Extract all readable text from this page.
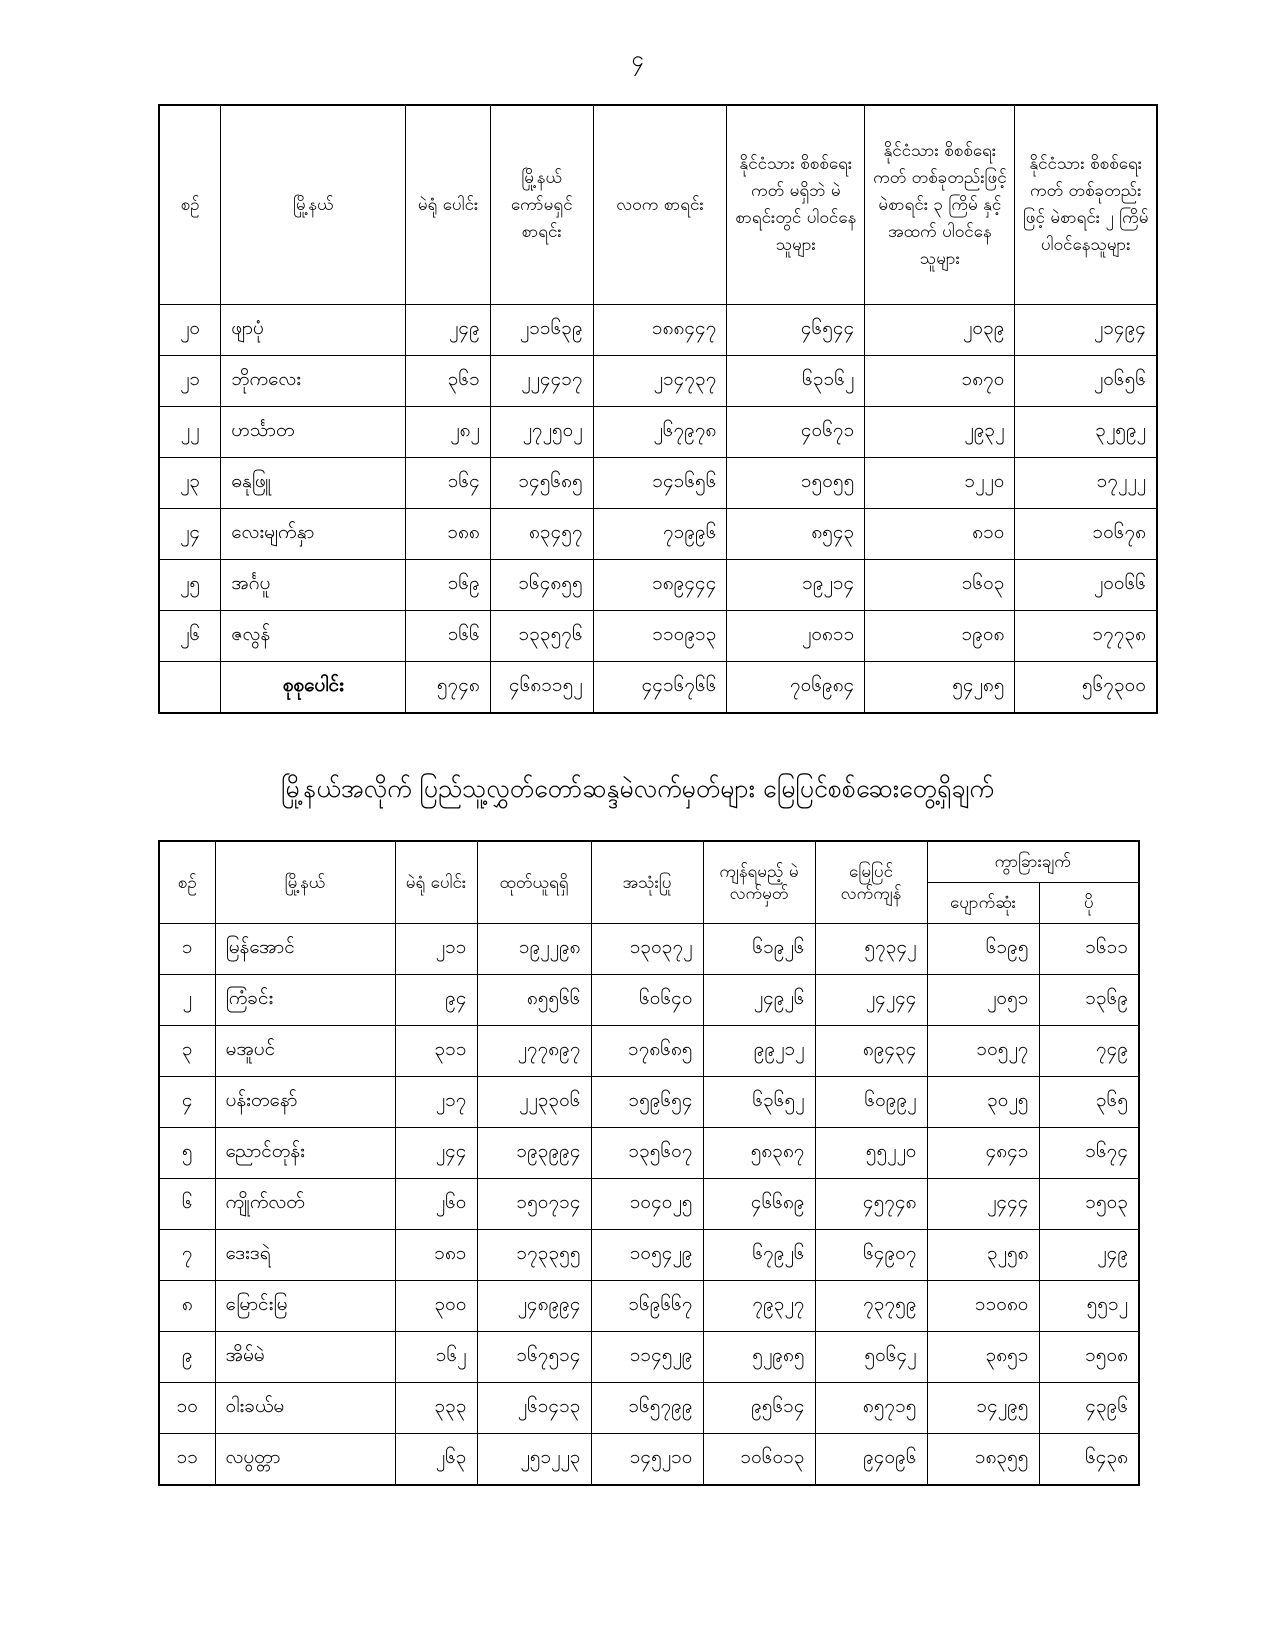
၄
စဉ်	မြို့နယ်	မဲရုံ ပေါင်း	မြို့နယ် ကော်မရှင် စာရင်း	လဝက စာရင်း	နိုင်ငံသား စိစစ်ရေးကတ် မရှိဘဲ မဲစာရင်းတွင် ပါဝင်နေသူများ	နိုင်ငံသား စိစစ်ရေးကတ် တစ်ခုတည်းဖြင့် မဲစာရင်း ၃ ကြိမ် နှင့်အထက် ပါဝင်နေသူများ	နိုင်ငံသား စိစစ်ရေးကတ် တစ်ခုတည်းဖြင့် မဲစာရင်း ၂ ကြိမ် ပါဝင်နေသူများ
၂၀	ဖျာပုံ	၂၄၉	၂၁၁၆၃၉	၁၈၈၄၄၇	၄၆၅၄၄	၂၀၃၉	၂၁၄၉၄
၂၁	ဘိုကလေး	၃၆၁	၂၂၄၄၁၇	၂၁၄၇၃၇	၆၃၁၆၂	၁၈၇၀	၂၀၆၅၆
၂၂	ဟင်္သာတ	၂၈၂	၂၇၂၅၀၂	၂၆၇၉၇၈	၄၀၆၇၁	၂၉၃၂	၃၂၅၉၂
၂၃	ဓနုဖြူ	၁၆၄	၁၄၅၆၈၅	၁၄၁၆၅၆	၁၅၀၅၅	၁၂၂၀	၁၇၂၂၂
၂၄	လေးမျက်နှာ	၁၈၈	၈၃၄၅၇	၇၁၉၉၆	၈၅၄၃	၈၁၀	၁၀၆၇၈
၂၅	အင်္ဂပူ	၁၆၉	၁၆၄၈၅၅	၁၈၉၄၄၄	၁၉၂၁၄	၁၆၀၃	၂၀၀၆၆
၂၆	ဇလွန်	၁၆၆	၁၃၃၅၇၆	၁၁၀၉၁၃	၂၀၈၁၁	၁၉၀၈	၁၇၇၃၈
	စုစုပေါင်း	၅၇၄၈	၄၆၈၁၁၅၂	၄၄၁၆၇၆၆	၇၀၆၉၈၄	၅၄၂၈၅	၅၆၇၃၀၀
မြို့နယ်အလိုက် ပြည်သူ့လွှတ်တော်ဆန္ဒမဲလက်မှတ်များ မြေပြင်စစ်ဆေးတွေ့ရှိချက်
စဉ်	မြို့နယ်	မဲရုံ ပေါင်း	ထုတ်ယူရရှိ	အသုံးပြု	ကျန်ရမည့် မဲလက်မှတ်	မြေပြင် လက်ကျန်	ကွာခြားချက်	
							ပျောက်ဆုံး	ပို
၁	မြန်အောင်	၂၁၁	၁၉၂၂၉၈	၁၃၀၃၇၂	၆၁၉၂၆	၅၇၃၄၂	၆၁၉၅	၁၆၁၁
၂	ကြံခင်း	၉၄	၈၅၅၆၆	၆၀၆၄၀	၂၄၉၂၆	၂၄၂၄၄	၂၀၅၁	၁၃၆၉
၃	မအူပင်	၃၁၁	၂၇၇၈၉၇	၁၇၈၆၈၅	၉၉၂၁၂	၈၉၄၃၄	၁၀၅၂၇	၇၄၉
၄	ပန်းတနော်	၂၁၇	၂၂၃၃၀၆	၁၅၉၆၅၄	၆၃၆၅၂	၆၀၉၉၂	၃၀၂၅	၃၆၅
၅	ညောင်တုန်း	၂၄၄	၁၉၃၉၉၄	၁၃၅၆၀၇	၅၈၃၈၇	၅၅၂၂၀	၄၈၄၁	၁၆၇၄
၆	ကျိုက်လတ်	၂၆၀	၁၅၀၇၁၄	၁၀၄၀၂၅	၄၆၆၈၉	၄၅၇၄၈	၂၄၄၄	၁၅၀၃
၇	ဒေးဒရဲ	၁၈၁	၁၇၃၃၅၅	၁၀၅၄၂၉	၆၇၉၂၆	၆၄၉၀၇	၃၂၅၈	၂၄၉
၈	မြောင်းမြ	၃၀၀	၂၄၈၉၉၄	၁၆၉၆၆၇	၇၉၃၂၇	၇၃၇၅၉	၁၁၀၈၀	၅၅၁၂
၉	အိမ်မဲ	၁၆၂	၁၆၇၅၁၄	၁၁၄၅၂၉	၅၂၉၈၅	၅၀၆၄၂	၃၈၅၁	၁၅၀၈
၁၀	ဝါးခယ်မ	၃၃၃	၂၆၁၄၁၃	၁၆၅၇၉၉	၉၅၆၁၄	၈၅၇၁၅	၁၄၂၉၅	၄၃၉၆
၁၁	လပွတ္တာ	၂၆၃	၂၅၁၂၂၃	၁၄၅၂၁၀	၁၀၆၀၁၃	၉၄၀၉၆	၁၈၃၅၅	၆၄၃၈
